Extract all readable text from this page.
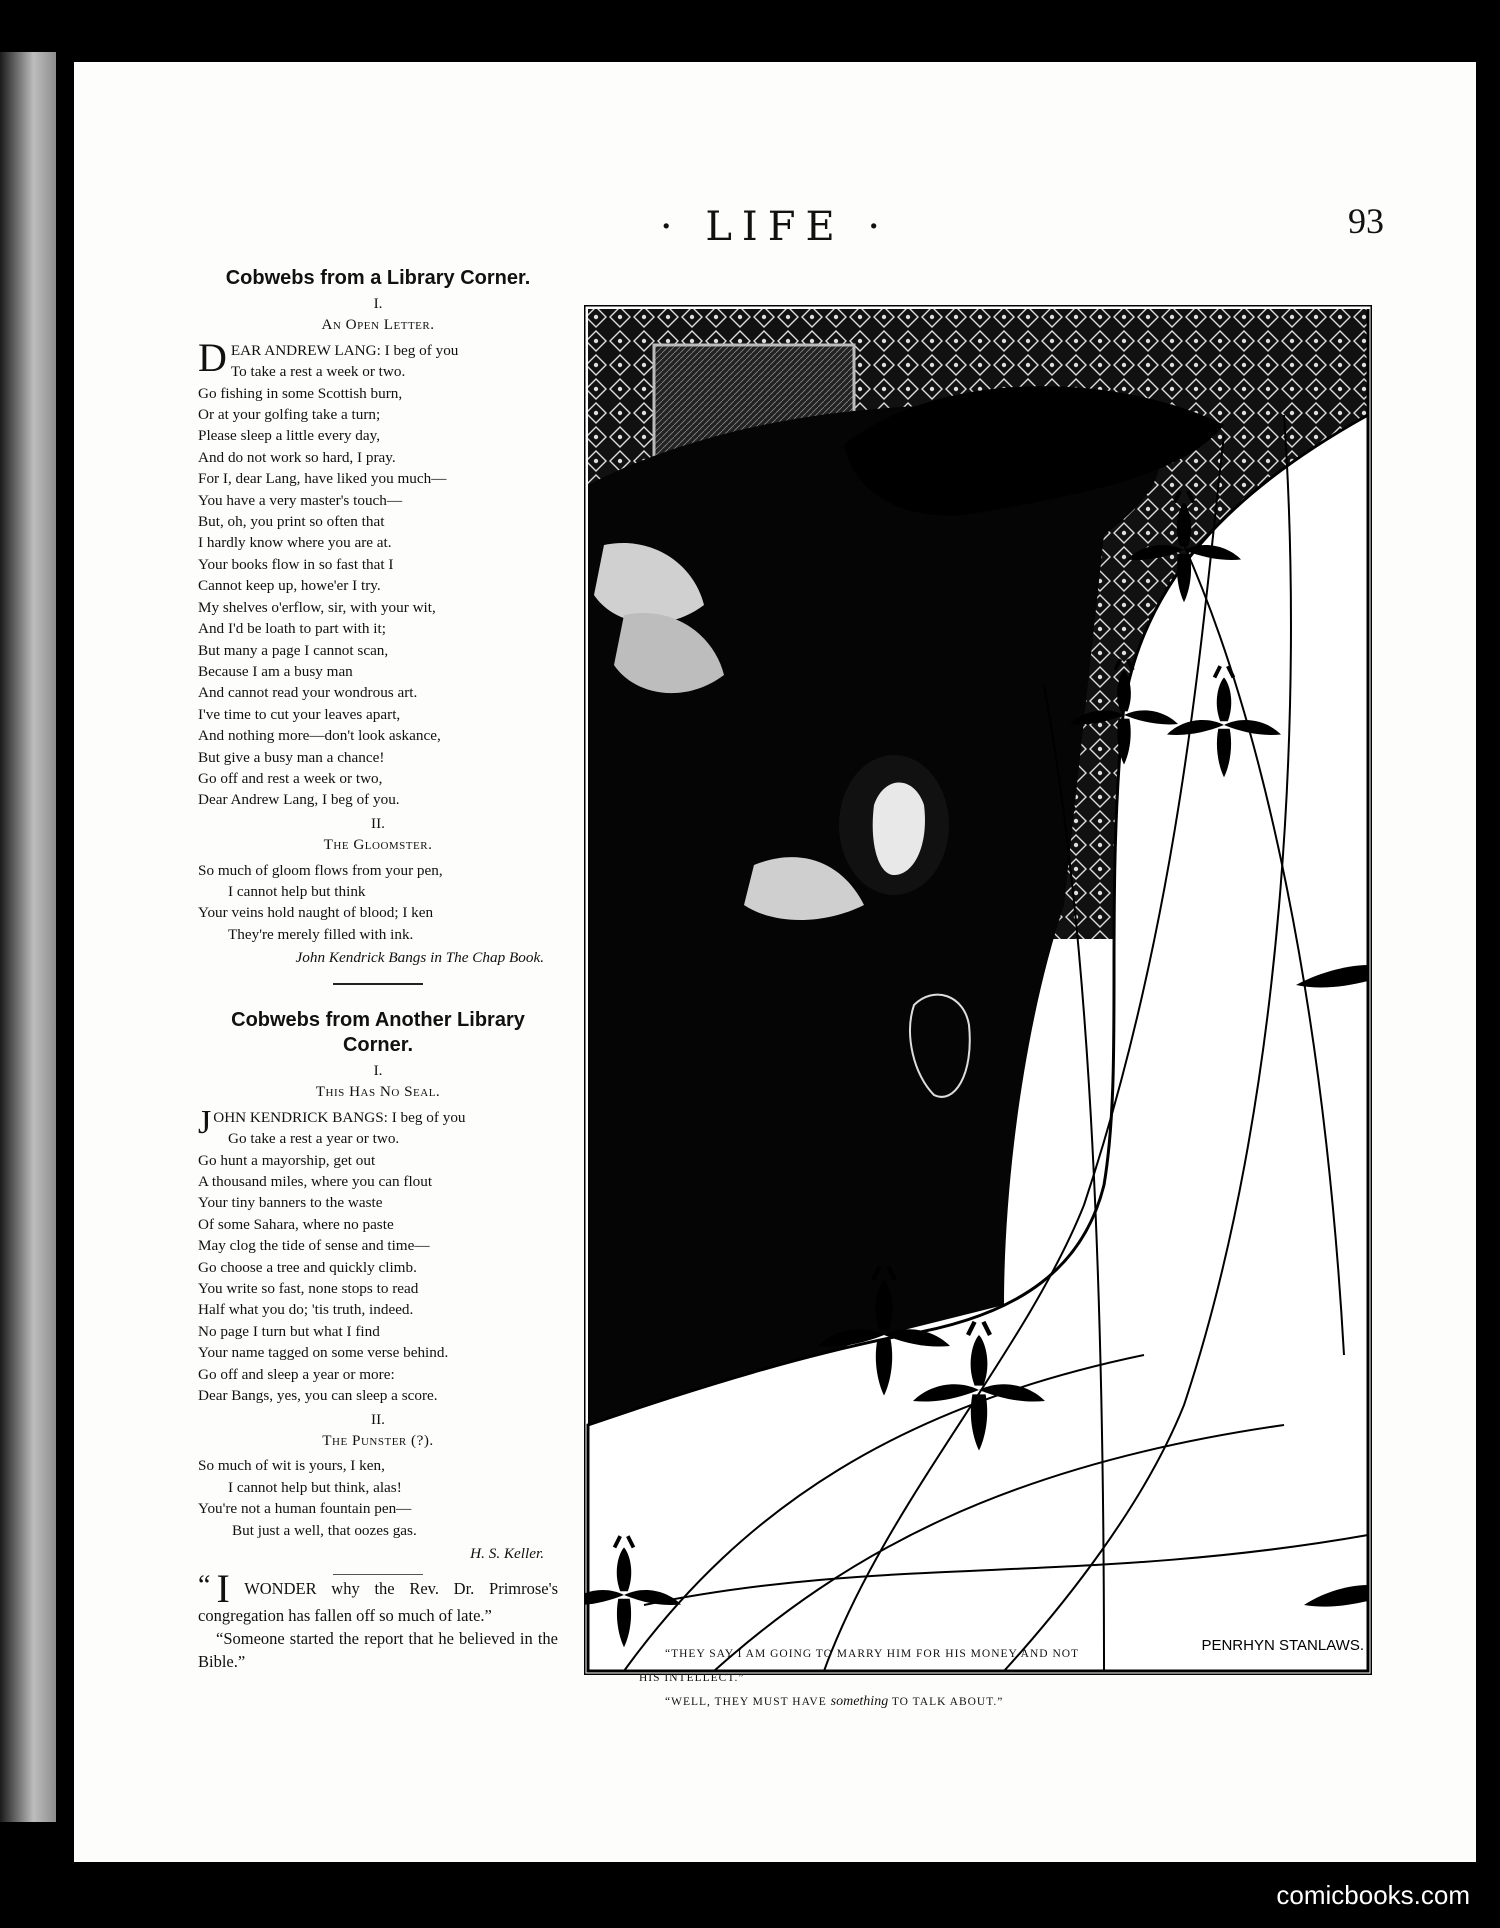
· LIFE ·	93

Cobwebs from a Library Corner.

I.

An Open Letter.

D EAR ANDREW LANG: I beg of you
To take a rest a week or two.
Go fishing in some Scottish burn,
Or at your golfing take a turn;
Please sleep a little every day,
And do not work so hard, I pray.
For I, dear Lang, have liked you much—
You have a very master's touch—
But, oh, you print so often that
I hardly know where you are at.
Your books flow in so fast that I
Cannot keep up, howe'er I try.
My shelves o'erflow, sir, with your wit,
And I'd be loath to part with it;
But many a page I cannot scan,
Because I am a busy man
And cannot read your wondrous art.
I've time to cut your leaves apart,
And nothing more—don't look askance,
But give a busy man a chance!
Go off and rest a week or two,
Dear Andrew Lang, I beg of you.

II.

The Gloomster.

So much of gloom flows from your pen,
I cannot help but think
Your veins hold naught of blood; I ken
They're merely filled with ink.

John Kendrick Bangs in The Chap Book.

Cobwebs from Another Library Corner.

I.

This Has No Seal.

J OHN KENDRICK BANGS: I beg of you
Go take a rest a year or two.
Go hunt a mayorship, get out
A thousand miles, where you can flout
Your tiny banners to the waste
Of some Sahara, where no paste
May clog the tide of sense and time—
Go choose a tree and quickly climb.
You write so fast, none stops to read
Half what you do; 'tis truth, indeed.
No page I turn but what I find
Your name tagged on some verse behind.
Go off and sleep a year or more:
Dear Bangs, yes, you can sleep a score.

II.

The Punster (?).

So much of wit is yours, I ken,
I cannot help but think, alas!
You're not a human fountain pen—
But just a well, that oozes gas.

H. S. Keller.

“ I WONDER why the Rev. Dr. Primrose's congregation has fallen off so much of late.”

“Someone started the report that he believed in the Bible.”

PENRHYN STANLAWS.
“THEY SAY I AM GOING TO MARRY HIM FOR HIS MONEY AND NOT
HIS INTELLECT.”
“WELL, THEY MUST HAVE something TO TALK ABOUT.”
comicbooks.com
